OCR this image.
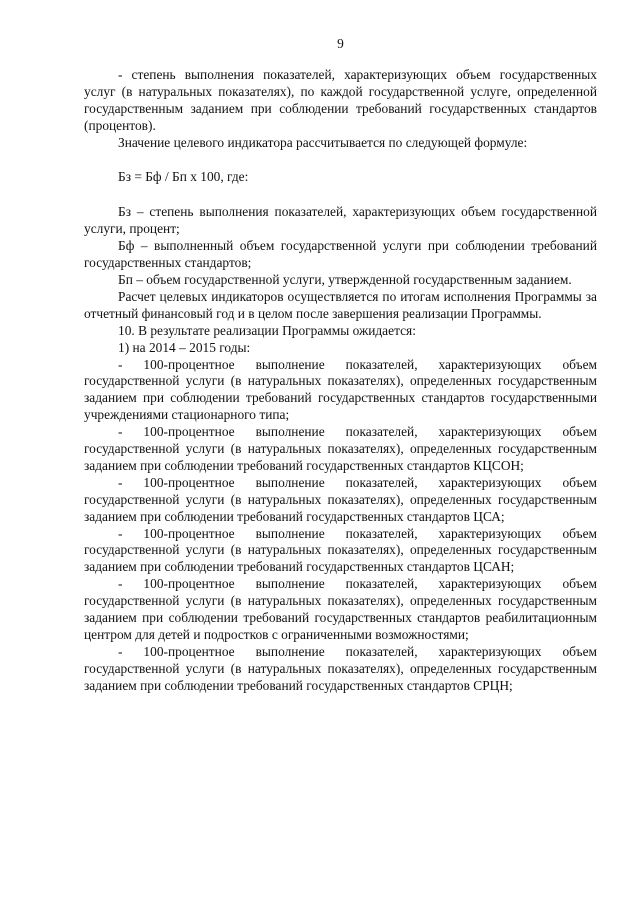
9

- степень выполнения показателей, характеризующих объем государственных услуг (в натуральных показателях), по каждой государственной услуге, определенной государственным заданием при соблюдении требований государственных стандартов (процентов).

Значение целевого индикатора рассчитывается по следующей формуле:

Бз = Бф / Бп х 100, где:

Бз – степень выполнения показателей, характеризующих объем государственной услуги, процент;

Бф – выполненный объем государственной услуги при соблюдении требований государственных стандартов;

Бп – объем государственной услуги, утвержденной государственным заданием.

Расчет целевых индикаторов осуществляется по итогам исполнения Программы за отчетный финансовый год и в целом после завершения реализации Программы.

10. В результате реализации Программы ожидается:

1) на 2014 – 2015 годы:

- 100-процентное выполнение показателей, характеризующих объем государственной услуги (в натуральных показателях), определенных государственным заданием при соблюдении требований государственных стандартов государственными учреждениями стационарного типа;

- 100-процентное выполнение показателей, характеризующих объем государственной услуги (в натуральных показателях), определенных государственным заданием при соблюдении требований государственных стандартов КЦСОН;

- 100-процентное выполнение показателей, характеризующих объем государственной услуги (в натуральных показателях), определенных государственным заданием при соблюдении требований государственных стандартов ЦСА;

- 100-процентное выполнение показателей, характеризующих объем государственной услуги (в натуральных показателях), определенных государственным заданием при соблюдении требований государственных стандартов ЦСАН;

- 100-процентное выполнение показателей, характеризующих объем государственной услуги (в натуральных показателях), определенных государственным заданием при соблюдении требований государственных стандартов реабилитационным центром для детей и подростков с ограниченными возможностями;

- 100-процентное выполнение показателей, характеризующих объем государственной услуги (в натуральных показателях), определенных государственным заданием при соблюдении требований государственных стандартов СРЦН;
